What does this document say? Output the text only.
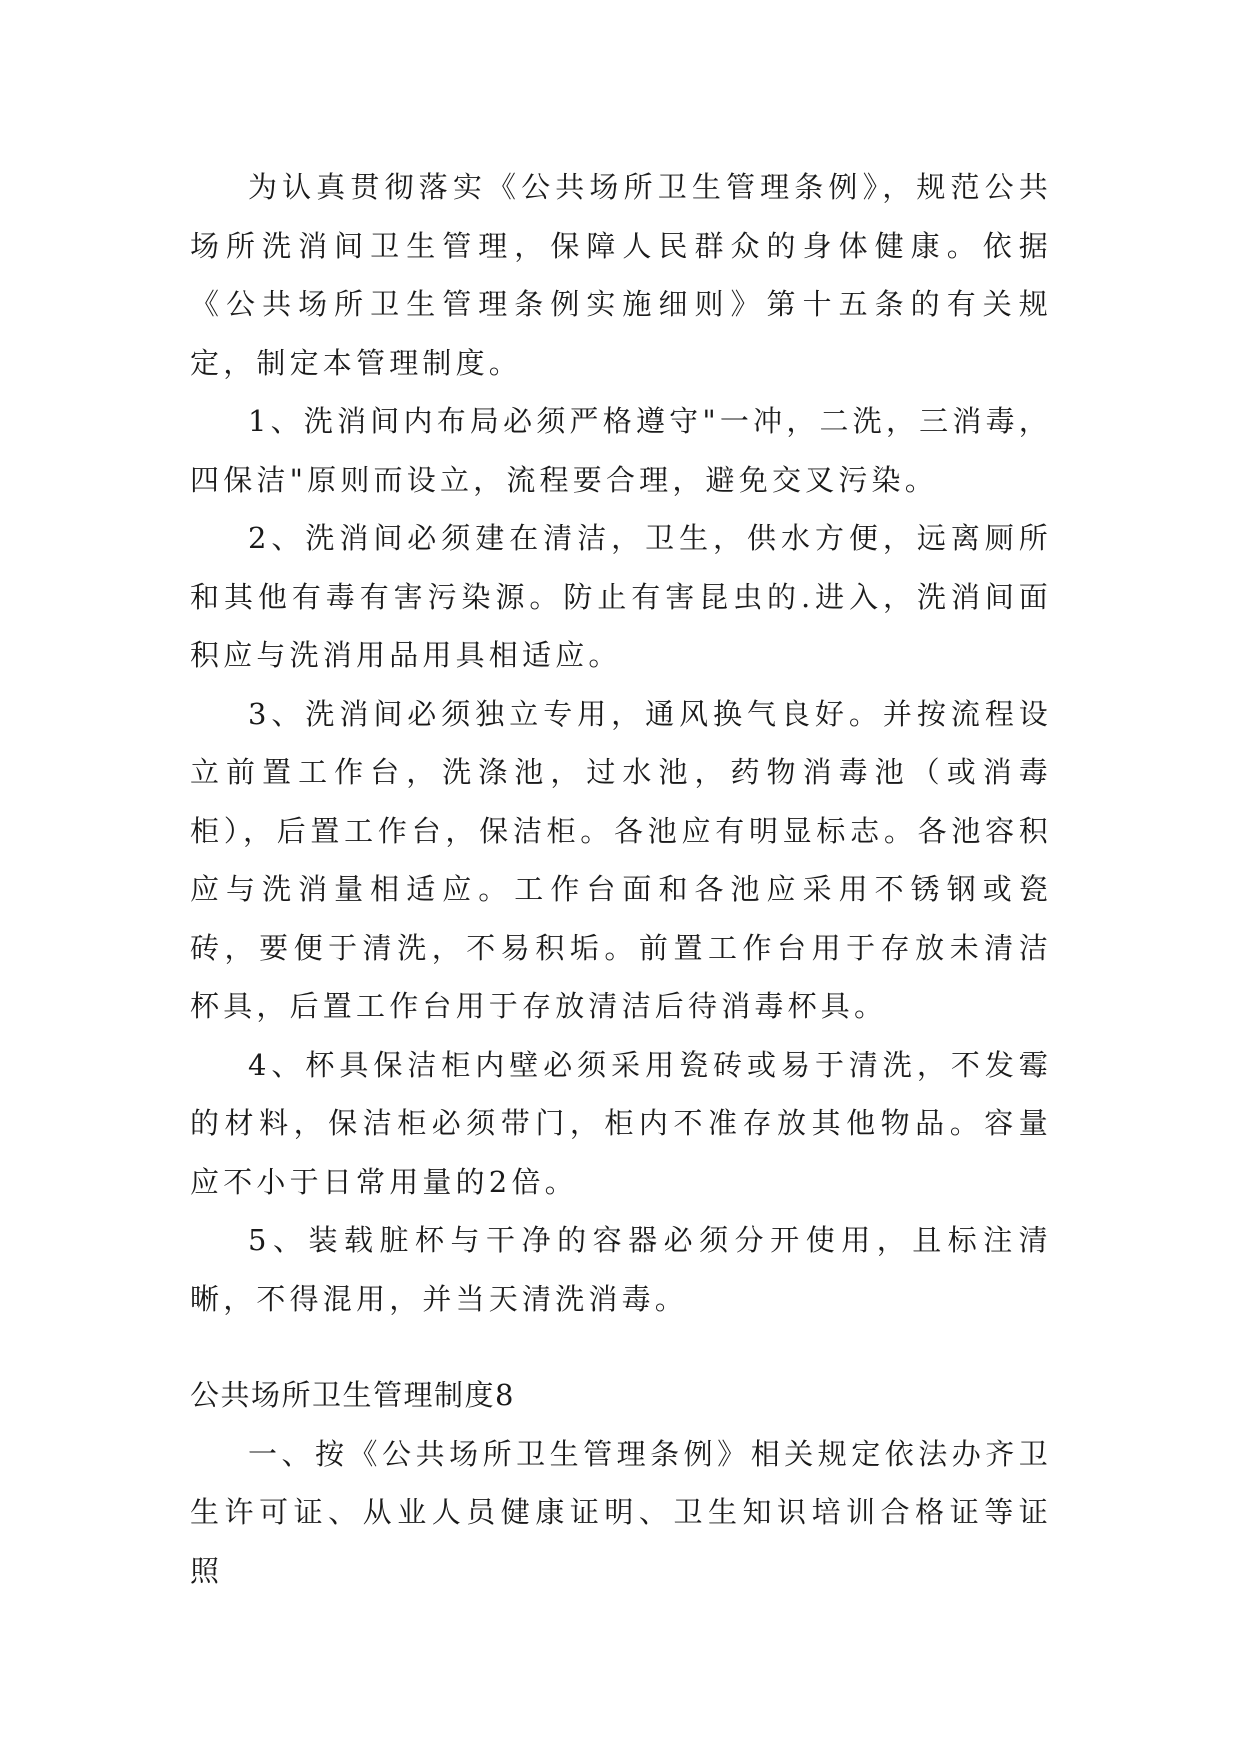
为认真贯彻落实《公共场所卫生管理条例》，规范公共场所洗消间卫生管理，保障人民群众的身体健康。依据《公共场所卫生管理条例实施细则》第十五条的有关规定，制定本管理制度。

1、洗消间内布局必须严格遵守"一冲，二洗，三消毒，四保洁"原则而设立，流程要合理，避免交叉污染。

2、洗消间必须建在清洁，卫生，供水方便，远离厕所和其他有毒有害污染源。防止有害昆虫的.进入，洗消间面积应与洗消用品用具相适应。

3、洗消间必须独立专用，通风换气良好。并按流程设立前置工作台，洗涤池，过水池，药物消毒池（或消毒柜），后置工作台，保洁柜。各池应有明显标志。各池容积应与洗消量相适应。工作台面和各池应采用不锈钢或瓷砖，要便于清洗，不易积垢。前置工作台用于存放未清洁杯具，后置工作台用于存放清洁后待消毒杯具。

4、杯具保洁柜内壁必须采用瓷砖或易于清洗，不发霉的材料，保洁柜必须带门，柜内不准存放其他物品。容量应不小于日常用量的2倍。

5、装载脏杯与干净的容器必须分开使用，且标注清晰，不得混用，并当天清洗消毒。

公共场所卫生管理制度8

一、按《公共场所卫生管理条例》相关规定依法办齐卫生许可证、从业人员健康证明、卫生知识培训合格证等证照
